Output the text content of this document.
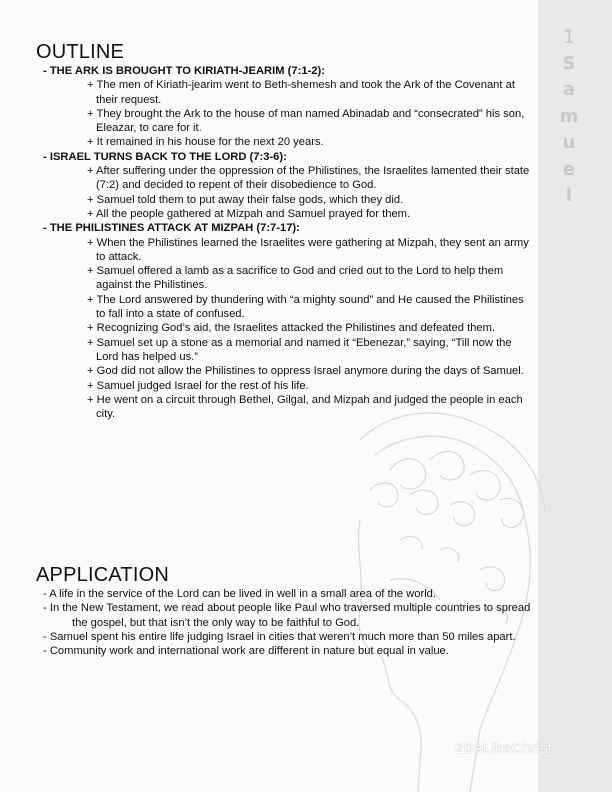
1
S
a
m
u
e
l
OUTLINE
- THE ARK IS BROUGHT TO KIRIATH-JEARIM (7:1-2):
+ The men of Kiriath-jearim went to Beth-shemesh and took the Ark of the Covenant at their request.
+ They brought the Ark to the house of man named Abinadab and “consecrated” his son, Eleazar, to care for it.
+ It remained in his house for the next 20 years.
- ISRAEL TURNS BACK TO THE LORD (7:3-6):
+ After suffering under the oppression of the Philistines, the Israelites lamented their state (7:2) and decided to repent of their disobedience to God.
+ Samuel told them to put away their false gods, which they did.
+ All the people gathered at Mizpah and Samuel prayed for them.
- THE PHILISTINES ATTACK AT MIZPAH (7:7-17):
+ When the Philistines learned the Israelites were gathering at Mizpah, they sent an army to attack.
+ Samuel offered a lamb as a sacrifice to God and cried out to the Lord to help them against the Philistines.
+ The Lord answered by thundering with “a mighty sound” and He caused the Philistines to fall into a state of confused.
+ Recognizing God’s aid, the Israelites attacked the Philistines and defeated them.
+ Samuel set up a stone as a memorial and named it “Ebenezar,” saying, “Till now the Lord has helped us.”
+ God did not allow the Philistines to oppress Israel anymore during the days of Samuel.
+ Samuel judged Israel for the rest of his life.
+ He went on a circuit through Bethel, Gilgal, and Mizpah and judged the people in each city.
APPLICATION
- A life in the service of the Lord can be lived in well in a small area of the world.
- In the New Testament, we read about people like Paul who traversed multiple countries to spread the gospel, but that isn’t the only way to be faithful to God.
- Samuel spent his entire life judging Israel in cities that weren’t much more than 50 miles apart.
- Community work and international work are different in nature but equal in value.
2BeLikeChrist
